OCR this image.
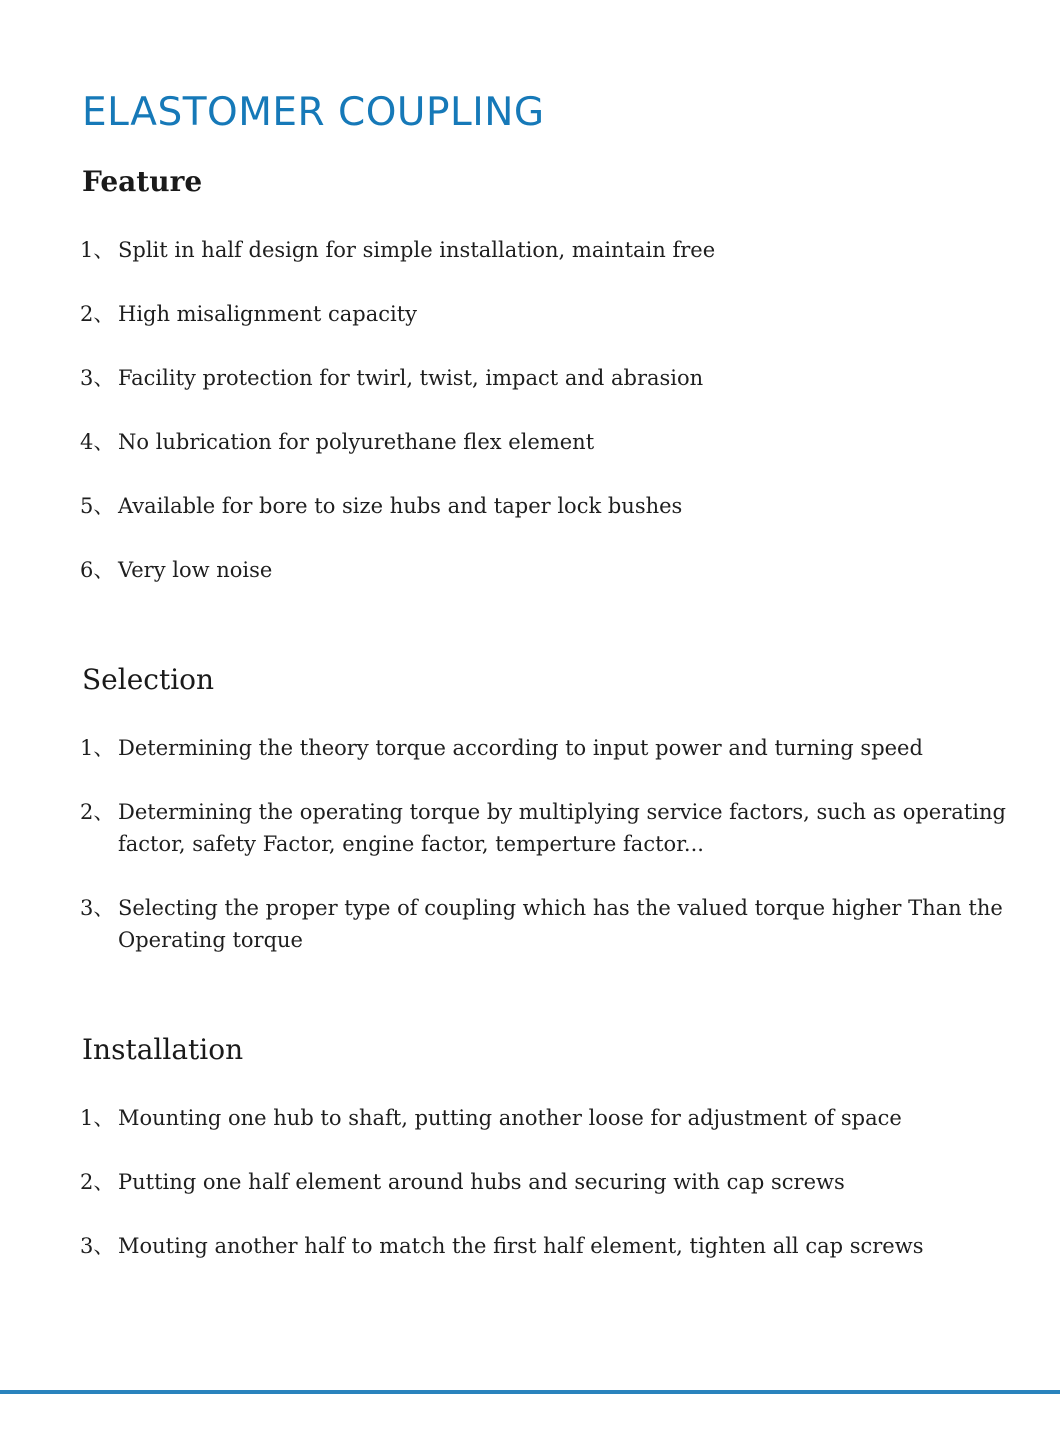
ELASTOMER COUPLING
Feature
1、 Split in half design for simple installation, maintain free
2、 High misalignment capacity
3、 Facility protection for twirl, twist, impact and abrasion
4、 No lubrication for polyurethane flex element
5、 Available for bore to size hubs and taper lock bushes
6、 Very low noise
Selection
1、 Determining the theory torque according to input power and turning speed
2、 Determining the operating torque by multiplying service factors, such as operating factor, safety Factor, engine factor, temperture factor...
3、 Selecting the proper type of coupling which has the valued torque higher Than the Operating torque
Installation
1、 Mounting one hub to shaft, putting another loose for adjustment of space
2、 Putting one half element around hubs and securing with cap screws
3、 Mouting another half to match the first half element, tighten all cap screws
